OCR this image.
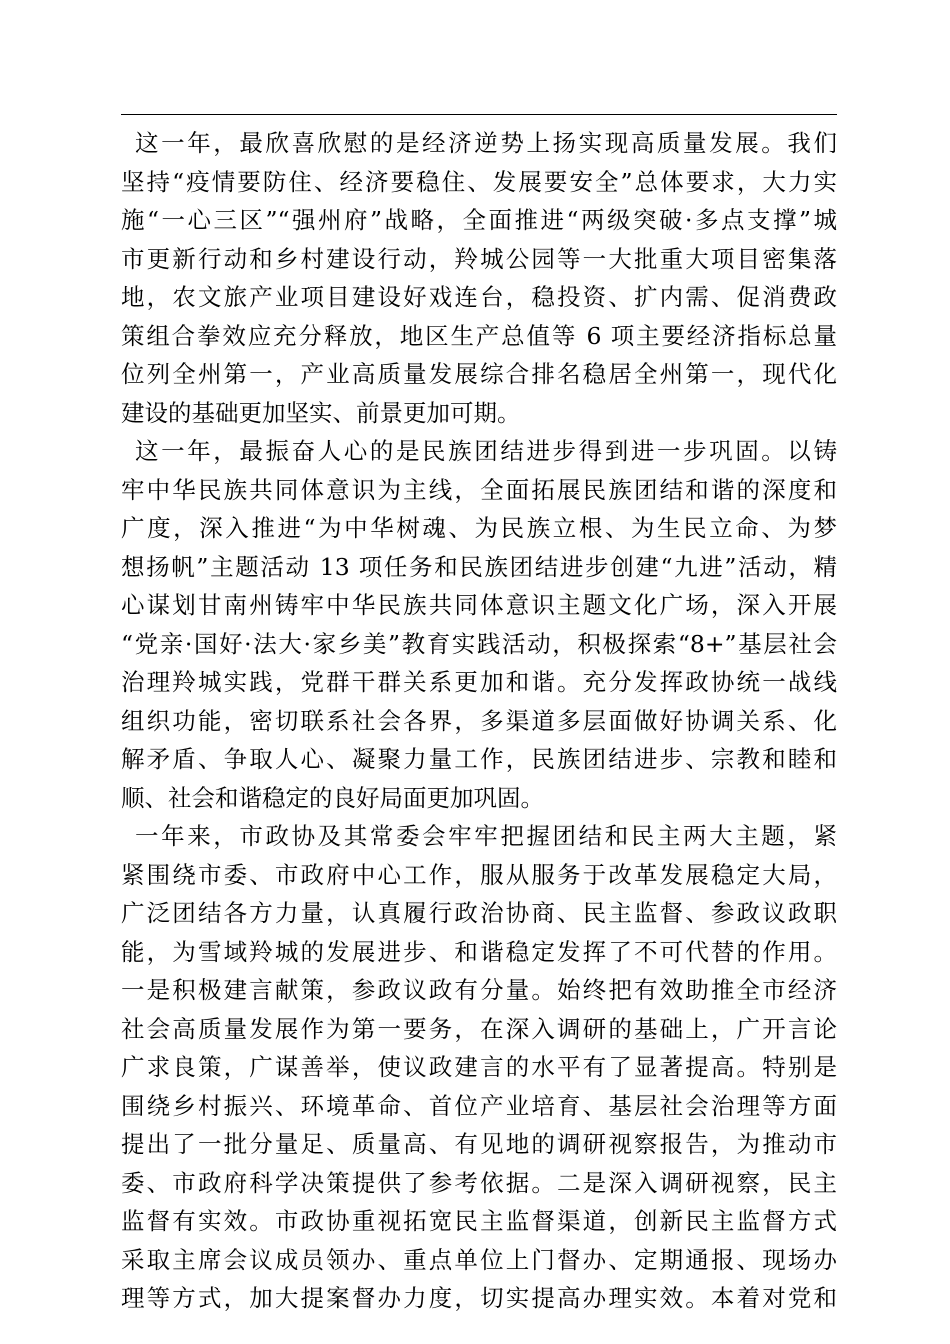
这一年，最欣喜欣慰的是经济逆势上扬实现高质量发展。我们
坚持“疫情要防住、经济要稳住、发展要安全”总体要求，大力实
施“一心三区”“强州府”战略，全面推进“两级突破·多点支撑”城
市更新行动和乡村建设行动，羚城公园等一大批重大项目密集落
地，农文旅产业项目建设好戏连台，稳投资、扩内需、促消费政
策组合拳效应充分释放，地区生产总值等 6 项主要经济指标总量
位列全州第一，产业高质量发展综合排名稳居全州第一，现代化
建设的基础更加坚实、前景更加可期。
这一年，最振奋人心的是民族团结进步得到进一步巩固。以铸
牢中华民族共同体意识为主线，全面拓展民族团结和谐的深度和
广度，深入推进“为中华树魂、为民族立根、为生民立命、为梦
想扬帆”主题活动 13 项任务和民族团结进步创建“九进”活动，精
心谋划甘南州铸牢中华民族共同体意识主题文化广场，深入开展
“党亲·国好·法大·家乡美”教育实践活动，积极探索“8+”基层社会
治理羚城实践，党群干群关系更加和谐。充分发挥政协统一战线
组织功能，密切联系社会各界，多渠道多层面做好协调关系、化
解矛盾、争取人心、凝聚力量工作，民族团结进步、宗教和睦和
顺、社会和谐稳定的良好局面更加巩固。
一年来，市政协及其常委会牢牢把握团结和民主两大主题，紧
紧围绕市委、市政府中心工作，服从服务于改革发展稳定大局，
广泛团结各方力量，认真履行政治协商、民主监督、参政议政职
能，为雪域羚城的发展进步、和谐稳定发挥了不可代替的作用。
一是积极建言献策，参政议政有分量。始终把有效助推全市经济
社会高质量发展作为第一要务，在深入调研的基础上，广开言论
广求良策，广谋善举，使议政建言的水平有了显著提高。特别是
围绕乡村振兴、环境革命、首位产业培育、基层社会治理等方面
提出了一批分量足、质量高、有见地的调研视察报告，为推动市
委、市政府科学决策提供了参考依据。二是深入调研视察，民主
监督有实效。市政协重视拓宽民主监督渠道，创新民主监督方式
采取主席会议成员领办、重点单位上门督办、定期通报、现场办
理等方式，加大提案督办力度，切实提高办理实效。本着对党和
